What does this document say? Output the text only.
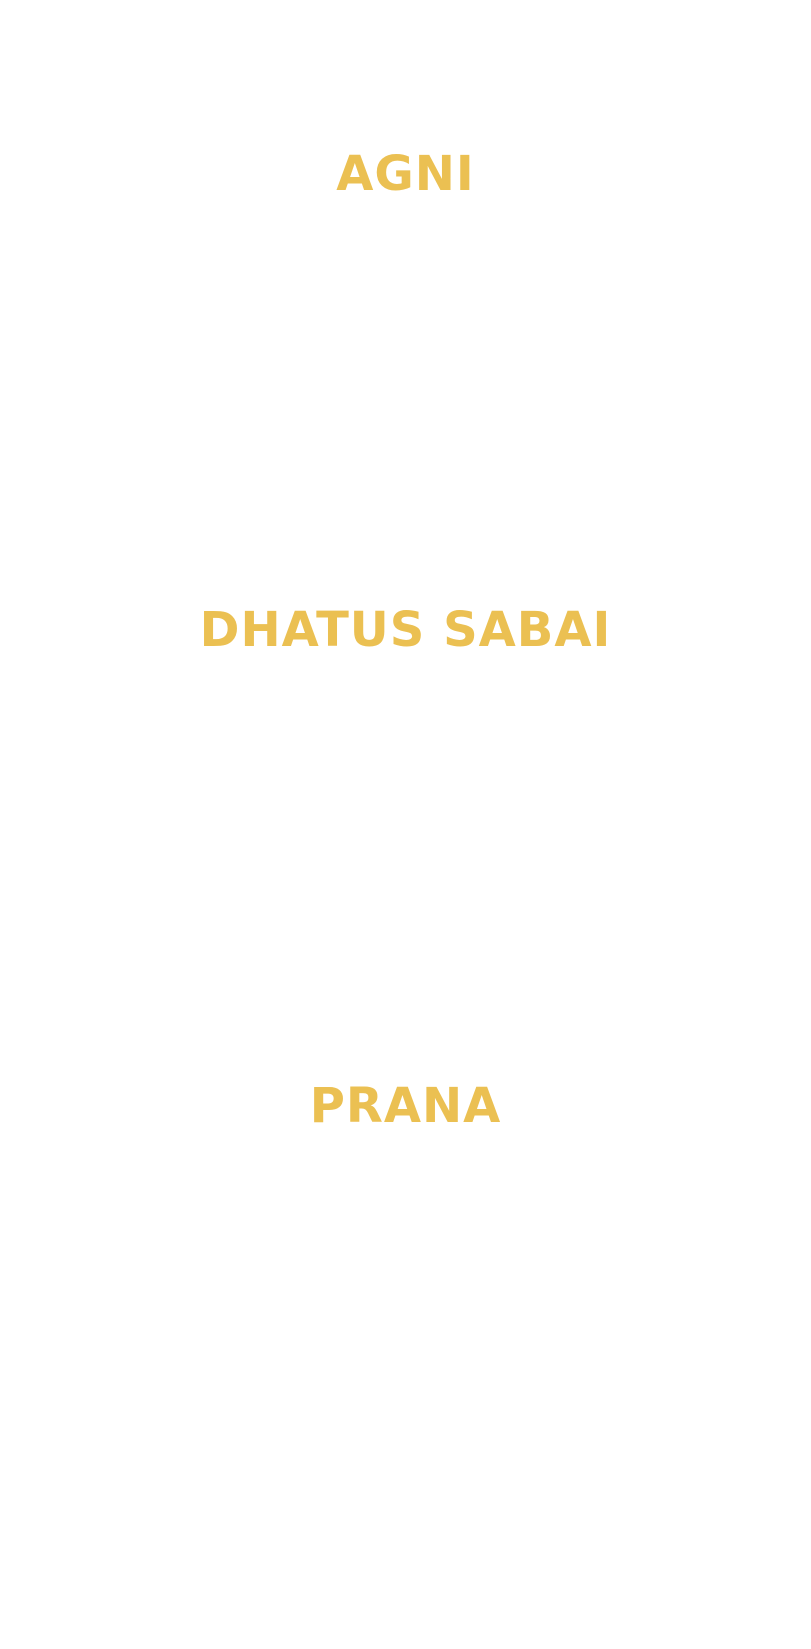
AGNI
DHATUS SABAI
PRANA
